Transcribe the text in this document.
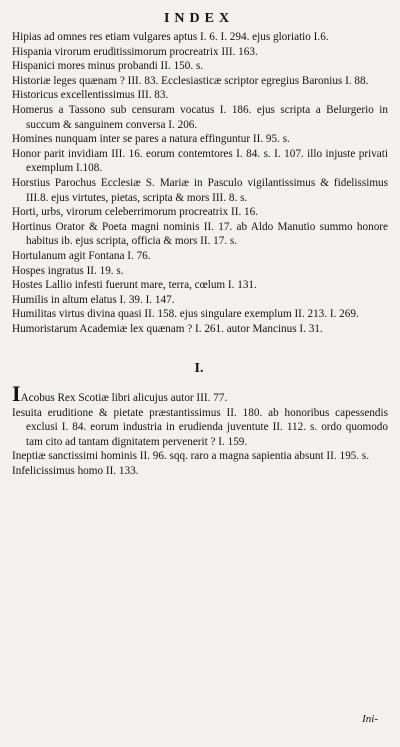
INDEX

Hipias ad omnes res etiam vulgares aptus I. 6. I. 294. ejus gloriatio I.6.

Hispania virorum eruditissimorum procreatrix III. 163.

Hispanici mores minus probandi II. 150. s.

Historiæ leges quænam ? III. 83. Ecclesiasticæ scriptor egregius Baronius I. 88.

Historicus excellentissimus III. 83.

Homerus a Tassono sub censuram vocatus I. 186. ejus scripta a Belurgerio in succum & sanguinem conversa I. 206.

Homines nunquam inter se pares a natura effinguntur II. 95. s.

Honor parit invidiam III. 16. eorum contemtores I. 84. s. I. 107. illo injuste privati exemplum I.108.

Horstius Parochus Ecclesiæ S. Mariæ in Pasculo vigilantissimus & fidelissimus III.8. ejus virtutes, pietas, scripta & mors III. 8. s.

Horti, urbs, virorum celeberrimorum procreatrix II. 16.

Hortinus Orator & Poeta magni nominis II. 17. ab Aldo Manutio summo honore habitus ib. ejus scripta, officia & mors II. 17. s.

Hortulanum agit Fontana I. 76.

Hospes ingratus II. 19. s.

Hostes Lallio infesti fuerunt mare, terra, cœlum I. 131.

Humilis in altum elatus I. 39. I. 147.

Humilitas virtus divina quasi II. 158. ejus singulare exemplum II. 213. I. 269.

Humoristarum Academiæ lex quænam ? I. 261. autor Mancinus I. 31.

I.

IAcobus Rex Scotiæ libri alicujus autor III. 77.

Iesuita eruditione & pietate præstantissimus II. 180. ab honoribus capessendis exclusi I. 84. eorum industria in erudienda juventute II. 112. s. ordo quomodo tam cito ad tantam dignitatem pervenerit ? I. 159.

Ineptiæ sanctissimi hominis II. 96. sqq. raro a magna sapientia absunt II. 195. s.

Infelicissimus homo II. 133.

Ini-
